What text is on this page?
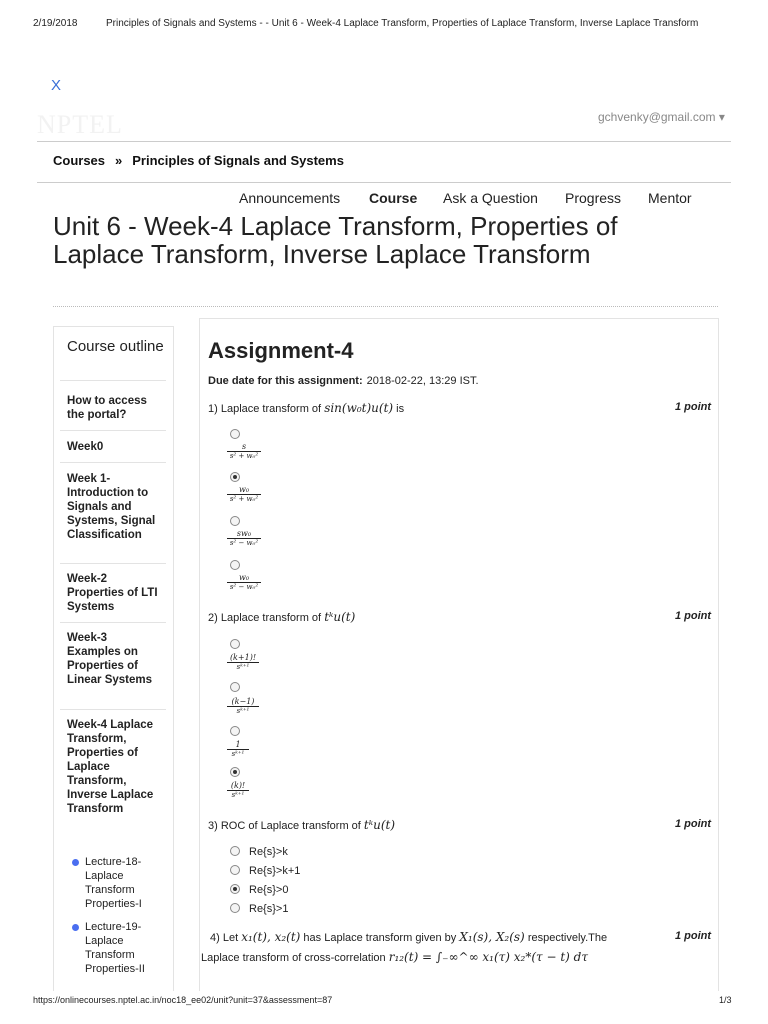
2/19/2018	Principles of Signals and Systems - - Unit 6 - Week-4 Laplace Transform, Properties of Laplace Transform, Inverse Laplace Transform
X
NPTEL	gchvenky@gmail.com ▾
Courses » Principles of Signals and Systems
Announcements Course Ask a Question Progress Mentor
Unit 6 - Week-4 Laplace Transform, Properties of Laplace Transform, Inverse Laplace Transform
Course outline
How to access the portal?
Week0
Week 1- Introduction to Signals and Systems, Signal Classification
Week-2 Properties of LTI Systems
Week-3 Examples on Properties of Linear Systems
Week-4 Laplace Transform, Properties of Laplace Transform, Inverse Laplace Transform
Lecture-18-Laplace Transform Properties-I
Lecture-19-Laplace Transform Properties-II
Assignment-4
Due date for this assignment: 2018-02-22, 13:29 IST.
1) Laplace transform of sin(w₀t)u(t) is	1 point
$\frac{s}{\text{s² + w₀²}}$
$\frac{\text{w₀}}{\text{s² + w₀²}}$
$\frac{\text{sw₀}}{\text{s² − w₀²}}$
$\frac{\text{w₀}}{\text{s² − w₀²}}$
2) Laplace transform of tᵏu(t)	1 point
$\frac{(k+1)!}{\text{sᵏ⁺¹}}$
$\frac{(k-1)}{\text{sᵏ⁺¹}}$
$\frac{1}{\text{sᵏ⁺¹}}$
$\frac{(k)!}{\text{sᵏ⁺¹}}$
3) ROC of Laplace transform of tᵏu(t)	1 point
Re{s}>k
Re{s}>k+1
Re{s}>0
Re{s}>1
4) Let x₁(t), x₂(t) has Laplace transform given by X₁(s), X₂(s) respectively.The	1 point
Laplace transform of cross-correlation r₁₂(t) = ∫₋∞^∞ x₁(τ) x₂*(τ − t) dτ
https://onlinecourses.nptel.ac.in/noc18_ee02/unit?unit=37&assessment=87	1/3
